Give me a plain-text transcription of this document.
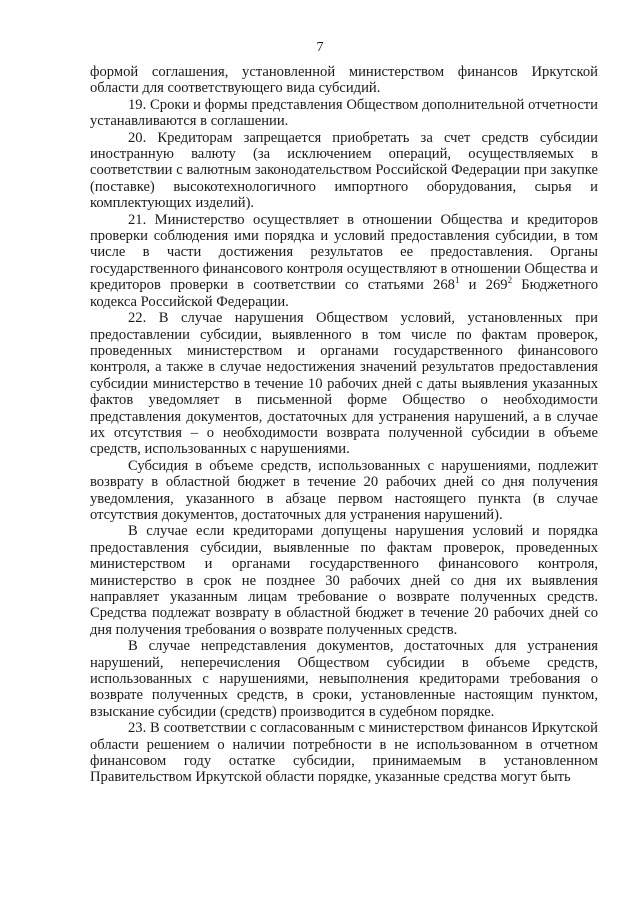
7

формой соглашения, установленной министерством финансов Иркутской области для соответствующего вида субсидий.

19. Сроки и формы представления Обществом дополнительной отчетности устанавливаются в соглашении.

20. Кредиторам запрещается приобретать за счет средств субсидии иностранную валюту (за исключением операций, осуществляемых в соответствии с валютным законодательством Российской Федерации при закупке (поставке) высокотехнологичного импортного оборудования, сырья и комплектующих изделий).

21. Министерство осуществляет в отношении Общества и кредиторов проверки соблюдения ими порядка и условий предоставления субсидии, в том числе в части достижения результатов ее предоставления. Органы государственного финансового контроля осуществляют в отношении Общества и кредиторов проверки в соответствии со статьями $268^1$ и $269^2$ Бюджетного кодекса Российской Федерации.

22. В случае нарушения Обществом условий, установленных при предоставлении субсидии, выявленного в том числе по фактам проверок, проведенных министерством и органами государственного финансового контроля, а также в случае недостижения значений результатов предоставления субсидии министерство в течение 10 рабочих дней с даты выявления указанных фактов уведомляет в письменной форме Общество о необходимости представления документов, достаточных для устранения нарушений, а в случае их отсутствия – о необходимости возврата полученной субсидии в объеме средств, использованных с нарушениями.

Субсидия в объеме средств, использованных с нарушениями, подлежит возврату в областной бюджет в течение 20 рабочих дней со дня получения уведомления, указанного в абзаце первом настоящего пункта (в случае отсутствия документов, достаточных для устранения нарушений).

В случае если кредиторами допущены нарушения условий и порядка предоставления субсидии, выявленные по фактам проверок, проведенных министерством и органами государственного финансового контроля, министерство в срок не позднее 30 рабочих дней со дня их выявления направляет указанным лицам требование о возврате полученных средств. Средства подлежат возврату в областной бюджет в течение 20 рабочих дней со дня получения требования о возврате полученных средств.

В случае непредставления документов, достаточных для устранения нарушений, неперечисления Обществом субсидии в объеме средств, использованных с нарушениями, невыполнения кредиторами требования о возврате полученных средств, в сроки, установленные настоящим пунктом, взыскание субсидии (средств) производится в судебном порядке.

23. В соответствии с согласованным с министерством финансов Иркутской области решением о наличии потребности в не использованном в отчетном финансовом году остатке субсидии, принимаемым в установленном Правительством Иркутской области порядке, указанные средства могут быть
